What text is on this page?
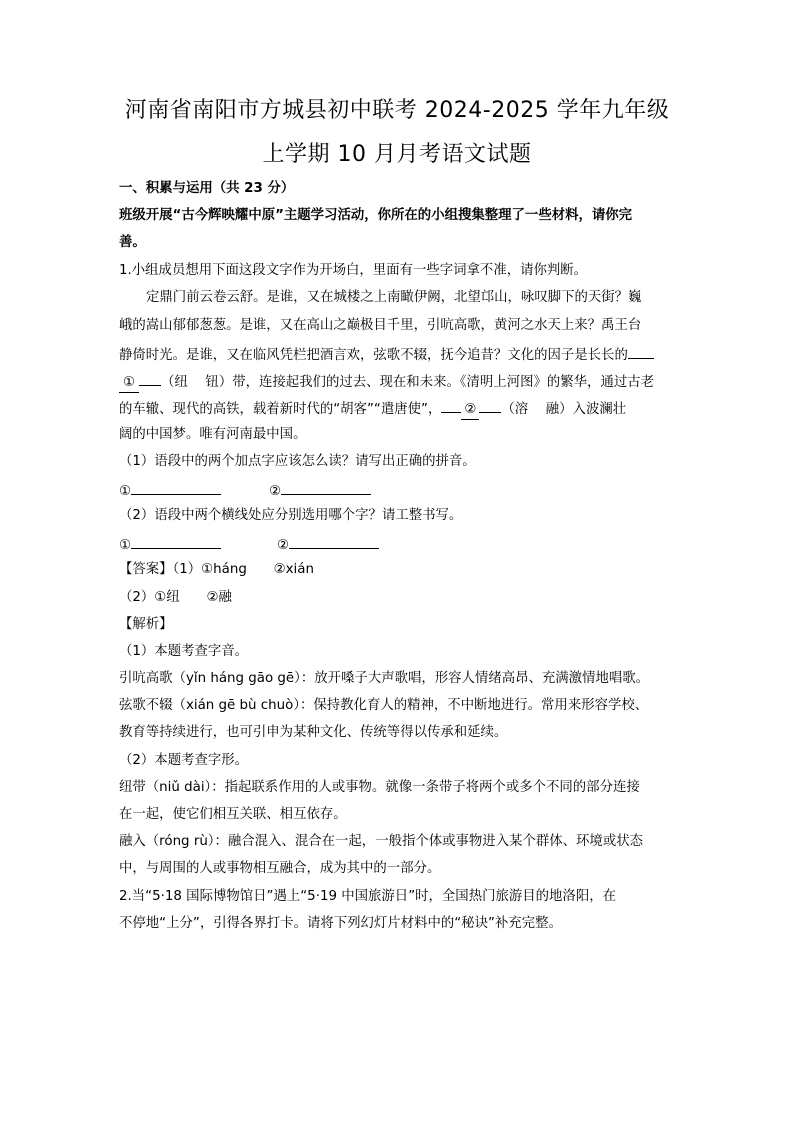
河南省南阳市方城县初中联考 2024-2025 学年九年级
上学期 10 月月考语文试题
一、积累与运用（共 23 分）
班级开展“古今辉映耀中原”主题学习活动，你所在的小组搜集整理了一些材料，请你完
善。
1.小组成员想用下面这段文字作为开场白，里面有一些字词拿不准，请你判断。
定鼎门前云卷云舒。是谁，又在城楼之上南瞰伊阙，北望邙山，咏叹脚下的天街？巍
峨的嵩山郁郁葱葱。是谁，又在高山之巅极目千里，引吭高歌，黄河之水天上来？禹王台
静倚时光。是谁，又在临风凭栏把酒言欢，弦歌不辍，抚今追昔？文化的因子是长长的
① （纽　 钮）带，连接起我们的过去、现在和未来。《清明上河图》的繁华，通过古老
的车辙、现代的高铁，载着新时代的“胡客”“遣唐使”， ② （溶　 融）入波澜壮
阔的中国梦。唯有河南最中国。
（1）语段中的两个加点字应该怎么读？请写出正确的拼音。
①	②
（2）语段中两个横线处应分别选用哪个字？请工整书写。
①	②
【答案】（1）①háng　　②xián
（2）①纽　　②融
【解析】
（1）本题考查字音。
引吭高歌（yǐn háng gāo gē）：放开嗓子大声歌唱，形容人情绪高昂、充满激情地唱歌。
弦歌不辍（xián gē bù chuò）：保持教化育人的精神，不中断地进行。常用来形容学校、
教育等持续进行，也可引申为某种文化、传统等得以传承和延续。
（2）本题考查字形。
纽带（niǔ dài）：指起联系作用的人或事物。就像一条带子将两个或多个不同的部分连接
在一起，使它们相互关联、相互依存。
融入（róng rù）：融合混入、混合在一起，一般指个体或事物进入某个群体、环境或状态
中，与周围的人或事物相互融合，成为其中的一部分。
2.当“5·18 国际博物馆日”遇上“5·19 中国旅游日”时，全国热门旅游目的地洛阳，在
不停地“上分”，引得各界打卡。请将下列幻灯片材料中的“秘诀”补充完整。
